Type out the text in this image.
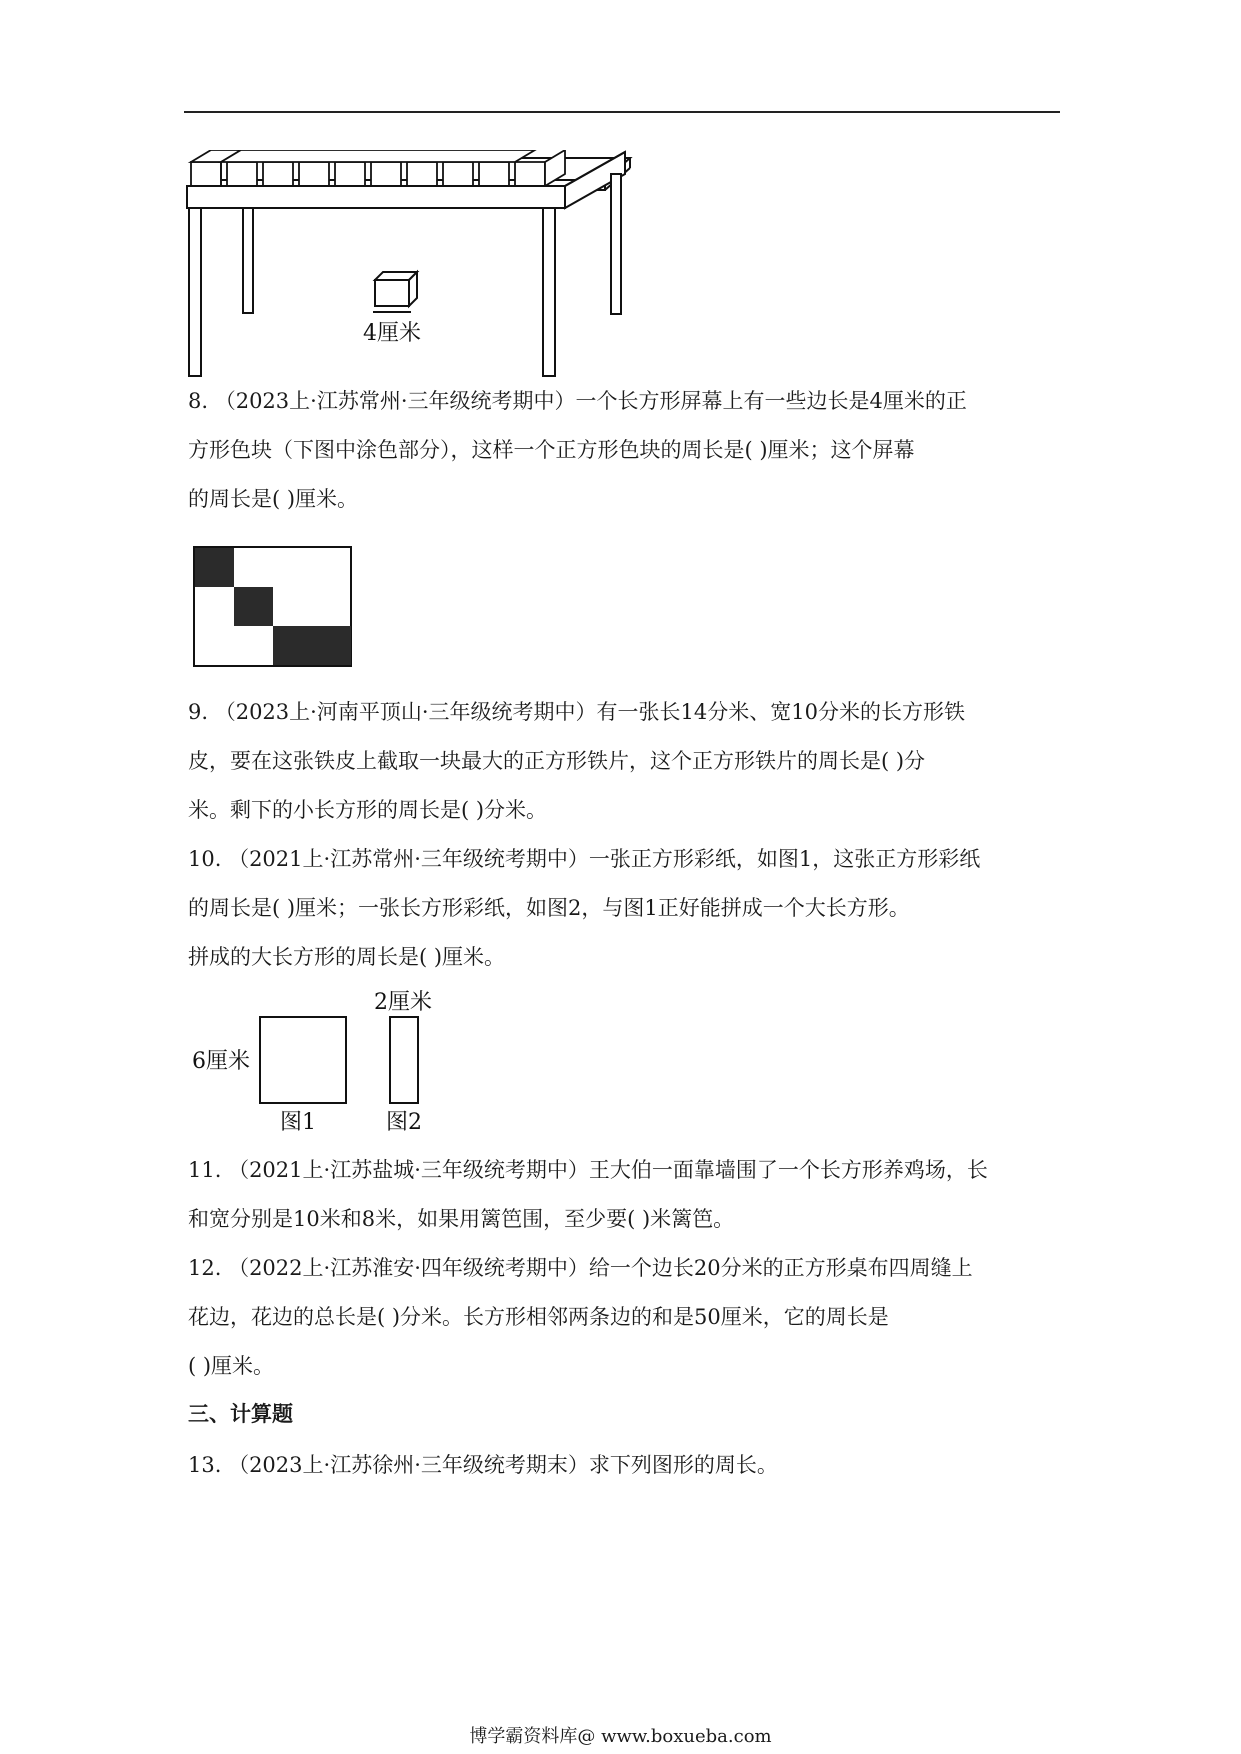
4厘米

8. （2023上·江苏常州·三年级统考期中）一个长方形屏幕上有一些边长是4厘米的正

方形色块（下图中涂色部分），这样一个正方形色块的周长是( )厘米；这个屏幕

的周长是( )厘米。

9. （2023上·河南平顶山·三年级统考期中）有一张长14分米、宽10分米的长方形铁

皮，要在这张铁皮上截取一块最大的正方形铁片，这个正方形铁片的周长是( )分

米。剩下的小长方形的周长是( )分米。

10. （2021上·江苏常州·三年级统考期中）一张正方形彩纸，如图1，这张正方形彩纸

的周长是( )厘米；一张长方形彩纸，如图2，与图1正好能拼成一个大长方形。

拼成的大长方形的周长是( )厘米。

6厘米
2厘米
图1	图2

11. （2021上·江苏盐城·三年级统考期中）王大伯一面靠墙围了一个长方形养鸡场，长

和宽分别是10米和8米，如果用篱笆围，至少要( )米篱笆。

12. （2022上·江苏淮安·四年级统考期中）给一个边长20分米的正方形桌布四周缝上

花边，花边的总长是( )分米。长方形相邻两条边的和是50厘米，它的周长是

( )厘米。

三、计算题

13. （2023上·江苏徐州·三年级统考期末）求下列图形的周长。

博学霸资料库@ www.boxueba.com
